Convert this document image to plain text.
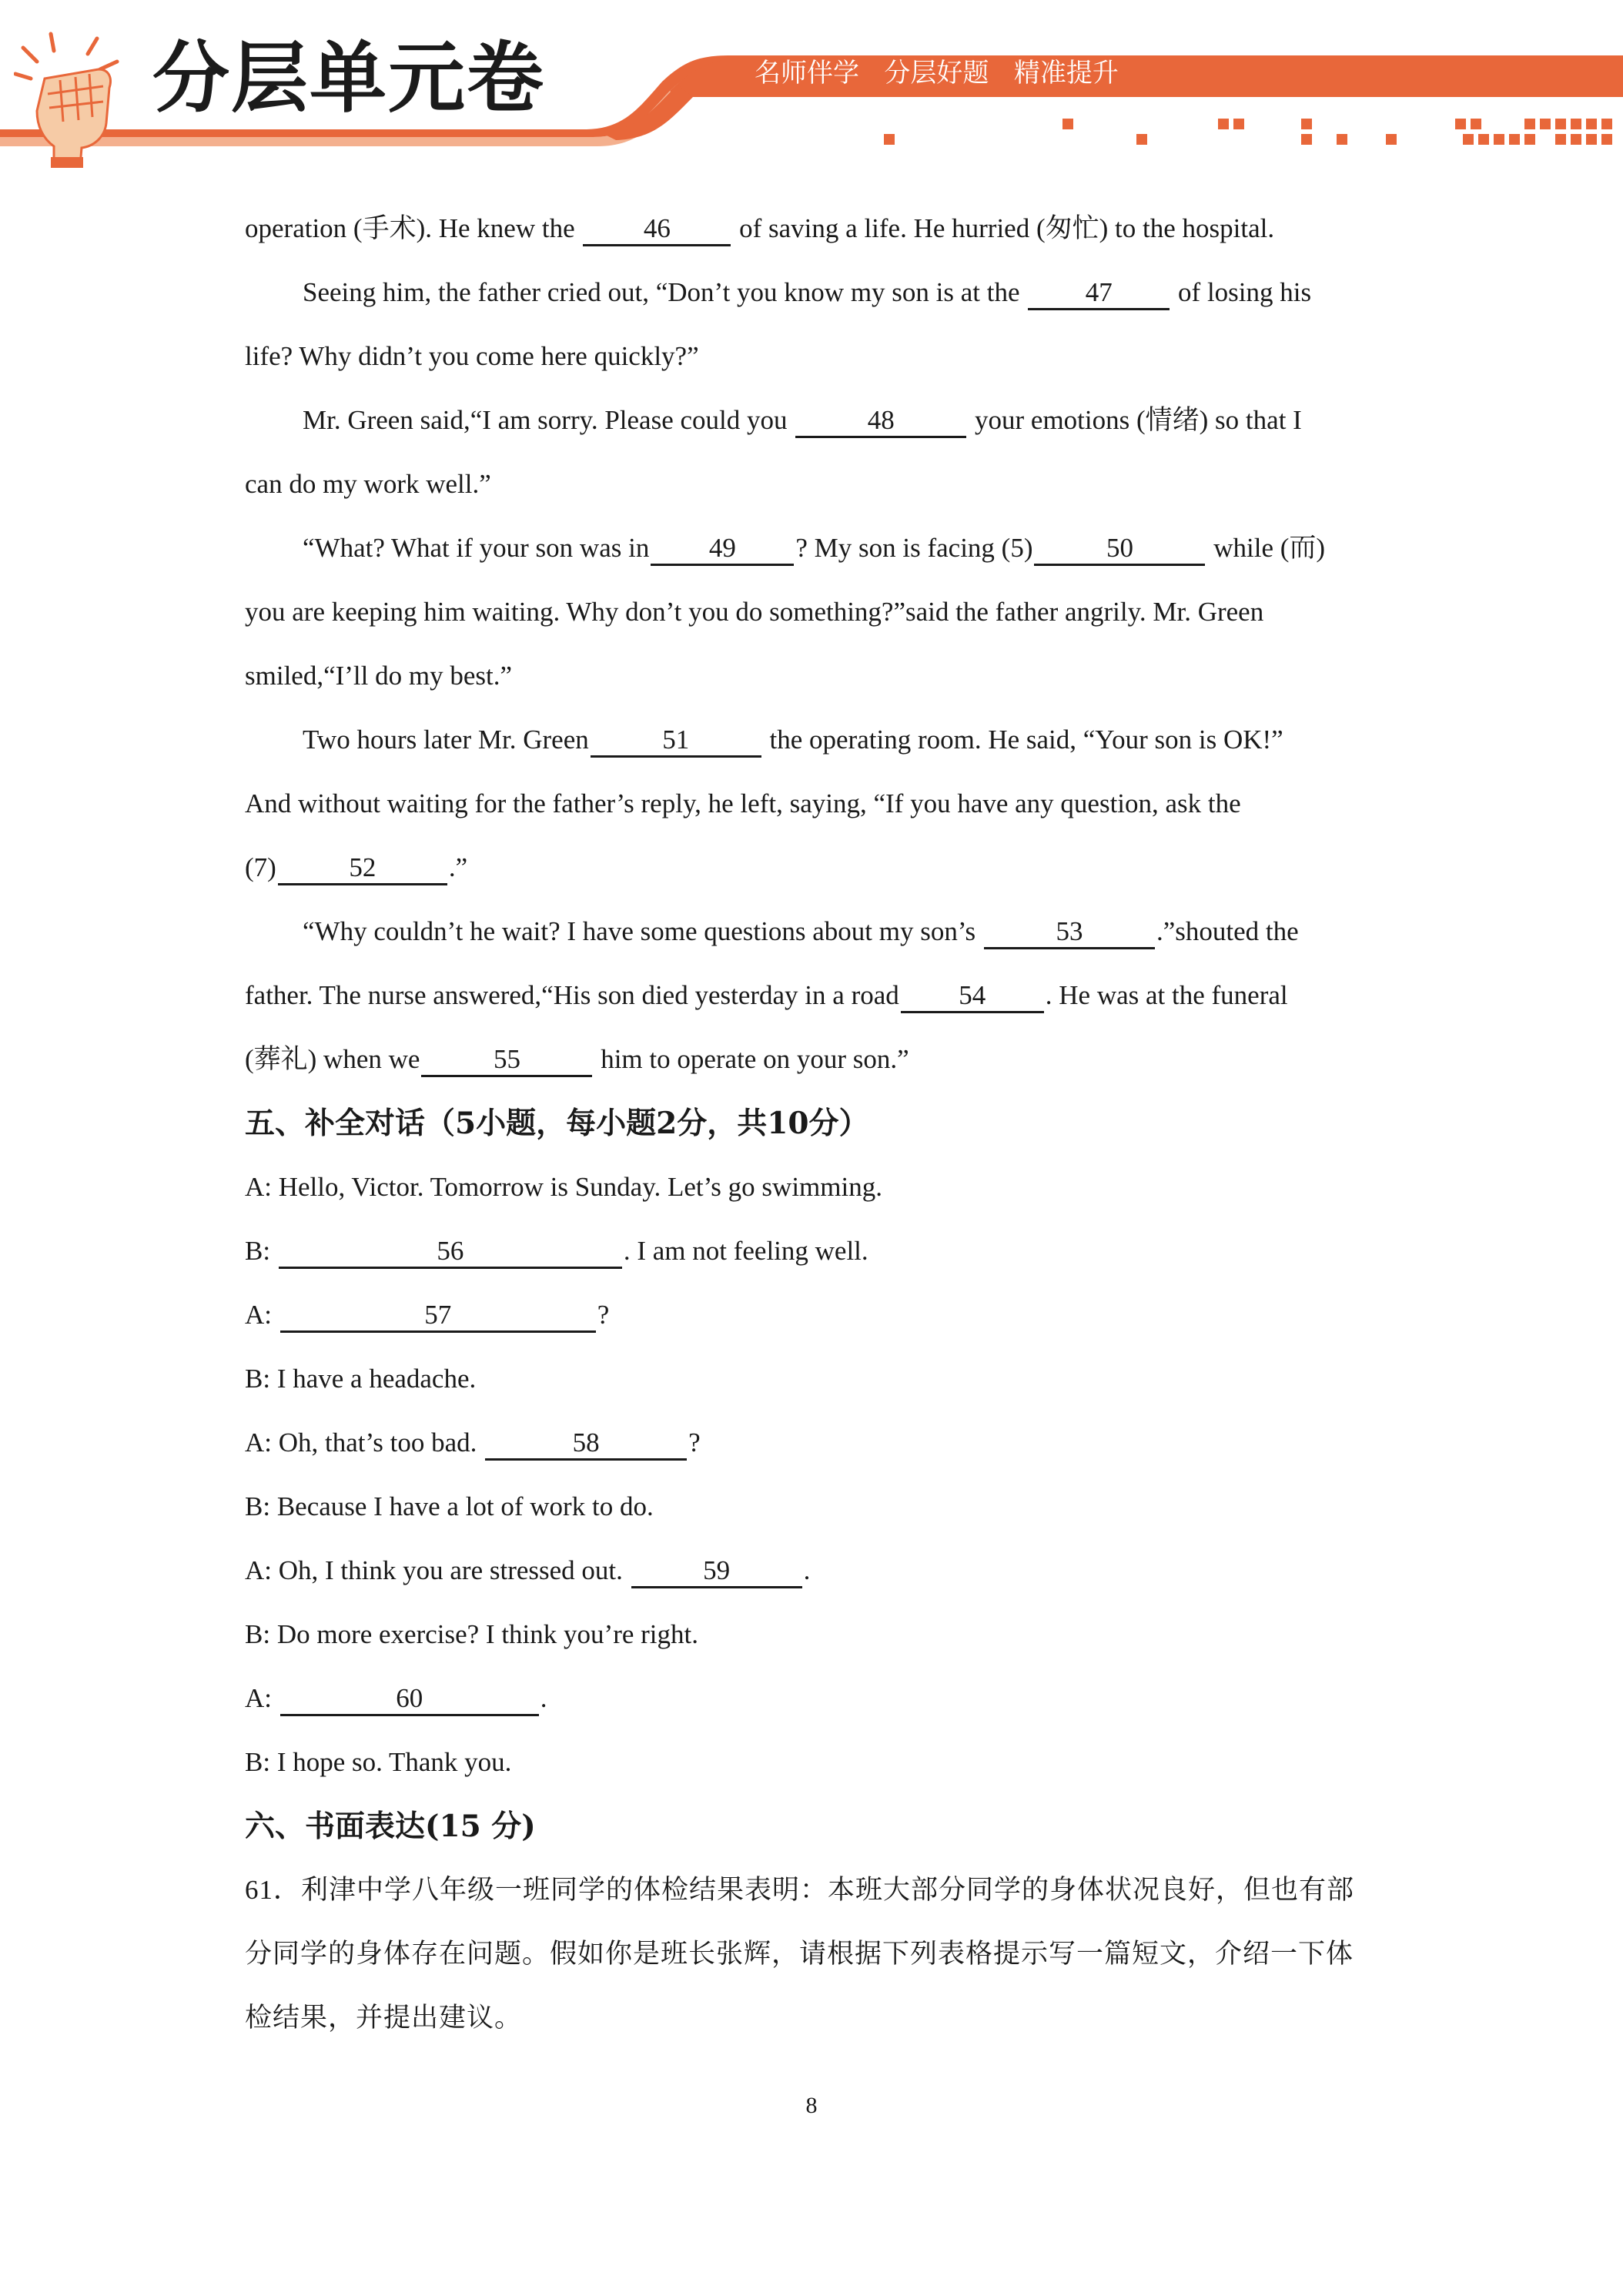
分层单元卷	名师伴学   分层好题   精准提升
operation (手术). He knew the 46 of saving a life. He hurried (匆忙) to the hospital.
Seeing him, the father cried out, “Don’t you know my son is at the 47 of losing his
life? Why didn’t you come here quickly?”
Mr. Green said,“I am sorry. Please could you	48	your emotions (情绪) so that I
can do my work well.”
“What? What if your son was in 49 ? My son is facing (5)	50	while (而)
you are keeping him waiting. Why don’t you do something?”said the father angrily. Mr. Green
smiled,“I’ll do my best.”
Two hours later Mr. Green	51	the operating room. He said, “Your son is OK!”
And without waiting for the father’s reply, he left, saying, “If you have any question, ask the
(7)	52	.”
“Why couldn’t he wait? I have some questions about my son’s	53	.”shouted the
father. The nurse answered,“His son died yesterday in a road 54 . He was at the funeral
(葬礼) when we	55	him to operate on your son.”
五、补全对话（5小题，每小题2分，共10分）
A: Hello, Victor. Tomorrow is Sunday. Let’s go swimming.
B:	56	. I am not feeling well.
A:	57	?
B: I have a headache.
A: Oh, that’s too bad.	58	?
B: Because I have a lot of work to do.
A: Oh, I think you are stressed out.	59	.
B: Do more exercise? I think you’re right.
A:	60	.
B: I hope so. Thank you.
六、书面表达(15 分)
61．利津中学八年级一班同学的体检结果表明：本班大部分同学的身体状况良好，但也有部
分同学的身体存在问题。假如你是班长张辉，请根据下列表格提示写一篇短文，介绍一下体
检结果，并提出建议。
8
